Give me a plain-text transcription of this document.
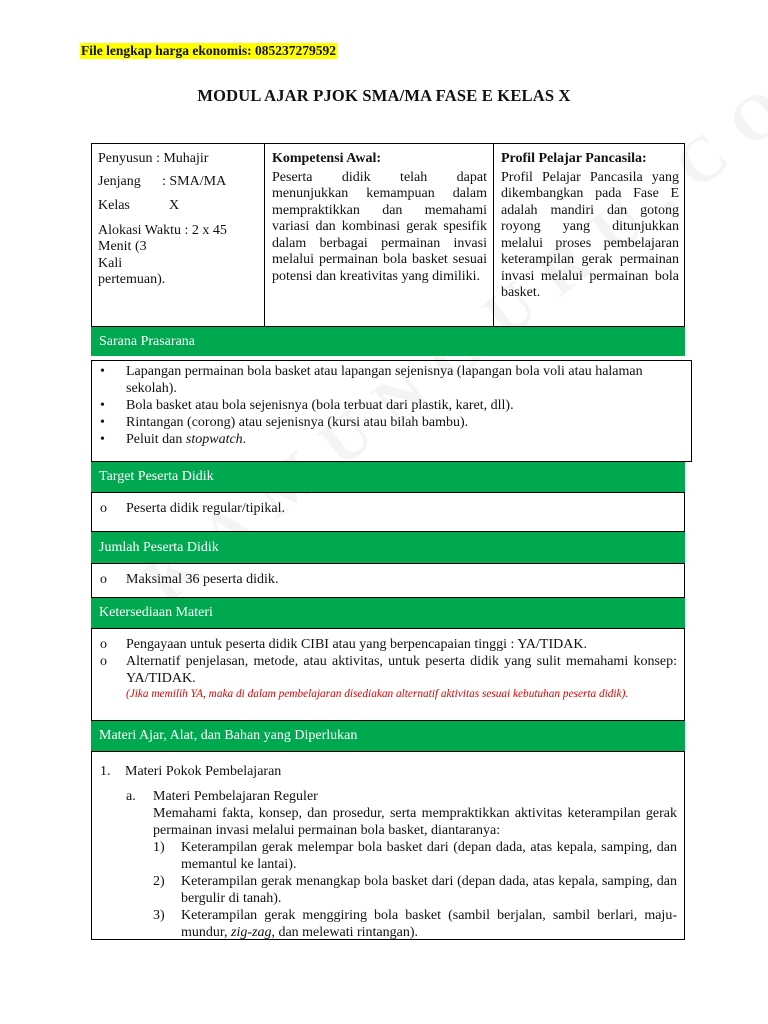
File lengkap harga ekonomis: 085237279592
MODUL AJAR PJOK SMA/MA FASE E KELAS X
Penyusun : Muhajir
Jenjang	: SMA/MA
Kelas	X
Alokasi Waktu : 2 x 45
Menit (3
Kali
pertemuan).
Kompetensi Awal:
Peserta didik telah dapat menunjukkan kemampuan dalam mempraktikkan dan memahami variasi dan kombinasi gerak spesifik dalam berbagai permainan invasi melalui permainan bola basket sesuai potensi dan kreativitas yang dimiliki.
Profil Pelajar Pancasila:
Profil Pelajar Pancasila yang dikembangkan pada Fase E adalah mandiri dan gotong royong yang ditunjukkan melalui proses pembelajaran keterampilan gerak permainan invasi melalui permainan bola basket.
Sarana Prasarana
• Lapangan permainan bola basket atau lapangan sejenisnya (lapangan bola voli atau halaman sekolah).
• Bola basket atau bola sejenisnya (bola terbuat dari plastik, karet, dll).
• Rintangan (corong) atau sejenisnya (kursi atau bilah bambu).
• Peluit dan stopwatch.
Target Peserta Didik
o Peserta didik regular/tipikal.
Jumlah Peserta Didik
o Maksimal 36 peserta didik.
Ketersediaan Materi
o Pengayaan untuk peserta didik CIBI atau yang berpencapaian tinggi : YA/TIDAK.
o Alternatif penjelasan, metode, atau aktivitas, untuk peserta didik yang sulit memahami konsep: YA/TIDAK.
(Jika memilih YA, maka di dalam pembelajaran disediakan alternatif aktivitas sesuai kebutuhan peserta didik).
Materi Ajar, Alat, dan Bahan yang Diperlukan
1. Materi Pokok Pembelajaran
a. Materi Pembelajaran Reguler
Memahami fakta, konsep, dan prosedur, serta mempraktikkan aktivitas keterampilan gerak permainan invasi melalui permainan bola basket, diantaranya:
1) Keterampilan gerak melempar bola basket dari (depan dada, atas kepala, samping, dan memantul ke lantai).
2) Keterampilan gerak menangkap bola basket dari (depan dada, atas kepala, samping, dan bergulir di tanah).
3) Keterampilan gerak menggiring bola basket (sambil berjalan, sambil berlari, maju-mundur, zig-zag, dan melewati rintangan).
